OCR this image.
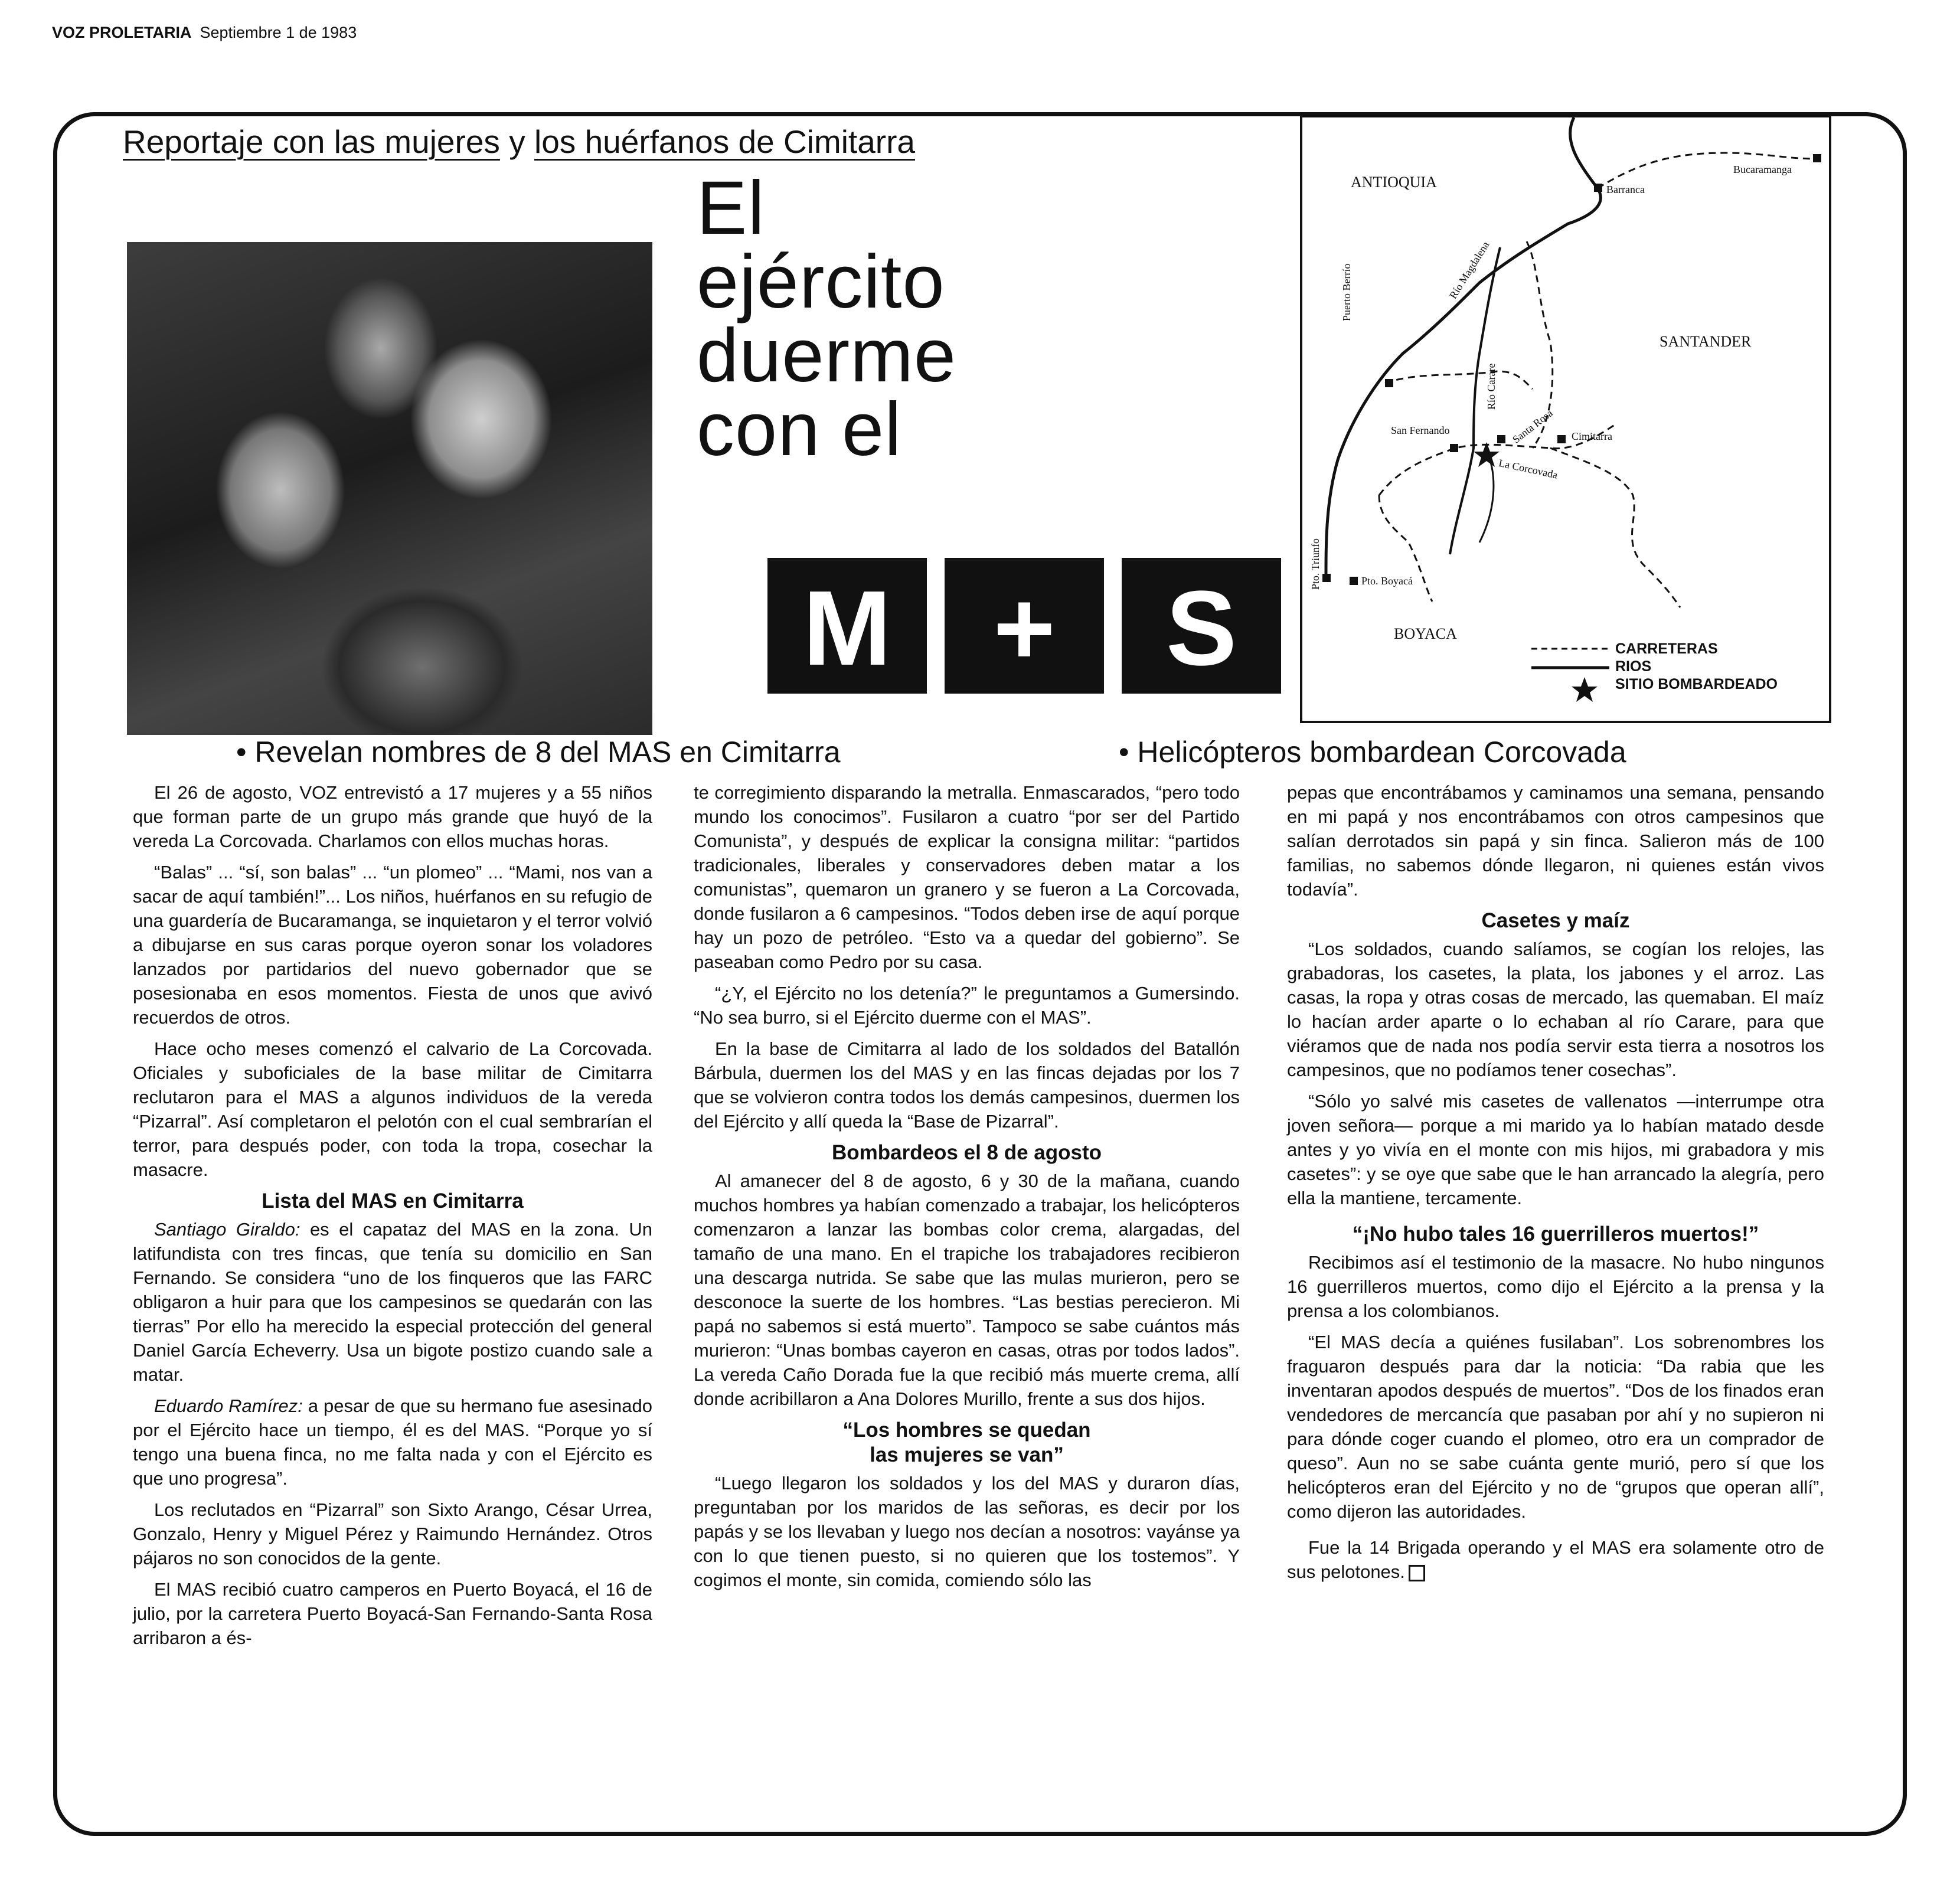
VOZ PROLETARIA Septiembre 1 de 1983
Reportaje con las mujeres y los huérfanos de Cimitarra
El
ejército
duerme
con el
M +	S
ANTIOQUIA
SANTANDER
BOYACA
Bucaramanga
Barranca
Puerto Berrío	Río Magdalena
Río Carare
Santa Rosa
San Fernando	Cimitarra
La Corcovada
Pto. Triunfo	Pto. Boyacá
CARRETERAS
RIOS
SITIO BOMBARDEADO
• Revelan nombres de 8 del MAS en Cimitarra	• Helicópteros bombardean Corcovada

El 26 de agosto, VOZ entrevistó a 17 mujeres y a 55 niños que forman parte de un grupo más grande que huyó de la vereda La Corcovada. Charlamos con ellos muchas horas.

“Balas” ... “sí, son balas” ... “un plomeo” ... “Mami, nos van a sacar de aquí también!”... Los niños, huérfanos en su refugio de una guardería de Bucaramanga, se inquietaron y el terror volvió a dibujarse en sus caras porque oyeron sonar los voladores lanzados por partidarios del nuevo gobernador que se posesionaba en esos momentos. Fiesta de unos que avivó recuerdos de otros.

Hace ocho meses comenzó el calvario de La Corcovada. Oficiales y suboficiales de la base militar de Cimitarra reclutaron para el MAS a algunos individuos de la vereda “Pizarral”. Así completaron el pelotón con el cual sembrarían el terror, para después poder, con toda la tropa, cosechar la masacre.

Lista del MAS en Cimitarra

Santiago Giraldo: es el capataz del MAS en la zona. Un latifundista con tres fincas, que tenía su domicilio en San Fernando. Se considera “uno de los finqueros que las FARC obligaron a huir para que los campesinos se quedarán con las tierras” Por ello ha merecido la especial protección del general Daniel García Echeverry. Usa un bigote postizo cuando sale a matar.

Eduardo Ramírez: a pesar de que su hermano fue asesinado por el Ejército hace un tiempo, él es del MAS. “Porque yo sí tengo una buena finca, no me falta nada y con el Ejército es que uno progresa”.

Los reclutados en “Pizarral” son Sixto Arango, César Urrea, Gonzalo, Henry y Miguel Pérez y Raimundo Hernández. Otros pájaros no son conocidos de la gente.

El MAS recibió cuatro camperos en Puerto Boyacá, el 16 de julio, por la carretera Puerto Boyacá-San Fernando-Santa Rosa arribaron a és-

te corregimiento disparando la metralla. Enmascarados, “pero todo mundo los conocimos”. Fusilaron a cuatro “por ser del Partido Comunista”, y después de explicar la consigna militar: “partidos tradicionales, liberales y conservadores deben matar a los comunistas”, quemaron un granero y se fueron a La Corcovada, donde fusilaron a 6 campesinos. “Todos deben irse de aquí porque hay un pozo de petróleo. “Esto va a quedar del gobierno”. Se paseaban como Pedro por su casa.

“¿Y, el Ejército no los detenía?” le preguntamos a Gumersindo. “No sea burro, si el Ejército duerme con el MAS”.

En la base de Cimitarra al lado de los soldados del Batallón Bárbula, duermen los del MAS y en las fincas dejadas por los 7 que se volvieron contra todos los demás campesinos, duermen los del Ejército y allí queda la “Base de Pizarral”.

Bombardeos el 8 de agosto

Al amanecer del 8 de agosto, 6 y 30 de la mañana, cuando muchos hombres ya habían comenzado a trabajar, los helicópteros comenzaron a lanzar las bombas color crema, alargadas, del tamaño de una mano. En el trapiche los trabajadores recibieron una descarga nutrida. Se sabe que las mulas murieron, pero se desconoce la suerte de los hombres. “Las bestias perecieron. Mi papá no sabemos si está muerto”. Tampoco se sabe cuántos más murieron: “Unas bombas cayeron en casas, otras por todos lados”. La vereda Caño Dorada fue la que recibió más muerte crema, allí donde acribillaron a Ana Dolores Murillo, frente a sus dos hijos.

“Los hombres se quedan
las mujeres se van”

“Luego llegaron los soldados y los del MAS y duraron días, preguntaban por los maridos de las señoras, es decir por los papás y se los llevaban y luego nos decían a nosotros: vayánse ya con lo que tienen puesto, si no quieren que los tostemos”. Y cogimos el monte, sin comida, comiendo sólo las

pepas que encontrábamos y caminamos una semana, pensando en mi papá y nos encontrábamos con otros campesinos que salían derrotados sin papá y sin finca. Salieron más de 100 familias, no sabemos dónde llegaron, ni quienes están vivos todavía”.

Casetes y maíz

“Los soldados, cuando salíamos, se cogían los relojes, las grabadoras, los casetes, la plata, los jabones y el arroz. Las casas, la ropa y otras cosas de mercado, las quemaban. El maíz lo hacían arder aparte o lo echaban al río Carare, para que viéramos que de nada nos podía servir esta tierra a nosotros los campesinos, que no podíamos tener cosechas”.

“Sólo yo salvé mis casetes de vallenatos —interrumpe otra joven señora— porque a mi marido ya lo habían matado desde antes y yo vivía en el monte con mis hijos, mi grabadora y mis casetes”: y se oye que sabe que le han arrancado la alegría, pero ella la mantiene, tercamente.

“¡No hubo tales 16 guerrilleros muertos!”

Recibimos así el testimonio de la masacre. No hubo ningunos 16 guerrilleros muertos, como dijo el Ejército a la prensa y la prensa a los colombianos.

“El MAS decía a quiénes fusilaban”. Los sobrenombres los fraguaron después para dar la noticia: “Da rabia que les inventaran apodos después de muertos”. “Dos de los finados eran vendedores de mercancía que pasaban por ahí y no supieron ni para dónde coger cuando el plomeo, otro era un comprador de queso”. Aun no se sabe cuánta gente murió, pero sí que los helicópteros eran del Ejército y no de “grupos que operan allí”, como dijeron las autoridades.

Fue la 14 Brigada operando y el MAS era solamente otro de sus pelotones.
